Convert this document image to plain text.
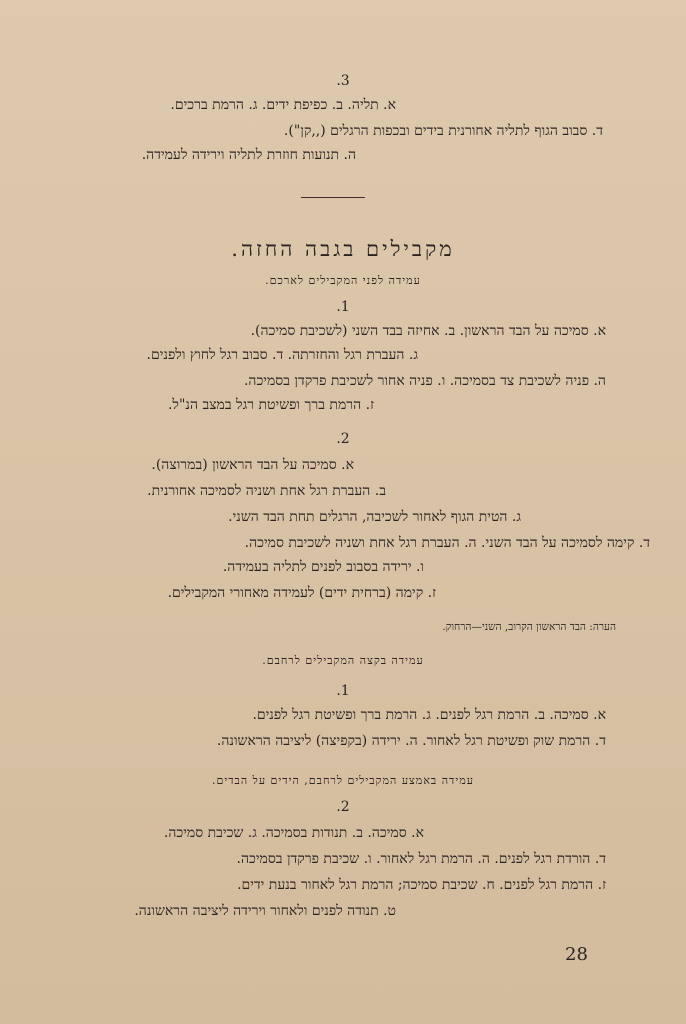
3.
א. תליה. ב. כפיפת ידים. ג. הרמת ברכים.
ד. סבוב הגוף לתליה אחורנית בידים ובכפות הרגלים (,,קן").
ה. תנועות חוזרת לתליה וירידה לעמידה.
מקבילים בגבה החזה.
עמידה לפני המקבילים לארכם.
1.
א. סמיכה על הבד הראשון. ב. אחיזה בבד השני (לשכיבת סמיכה).
ג. העברת רגל והחזרתה. ד. סבוב רגל לחוץ ולפנים.
ה. פניה לשכיבת צד בסמיכה. ו. פניה אחור לשכיבת פרקדן בסמיכה.
ז. הרמת ברך ופשיטת רגל במצב הנ"ל.
2.
א. סמיכה על הבד הראשון (במרוצה).
ב. העברת רגל אחת ושניה לסמיכה אחורנית.
ג. הטית הגוף לאחור לשכיבה, הרגלים תחת הבד השני.
ד. קימה לסמיכה על הבד השני. ה. העברת רגל אחת ושניה לשכיבת סמיכה.
ו. ירידה בסבוב לפנים לתליה בעמידה.
ז. קימה (ברחית ידים) לעמידה מאחורי המקבילים.
הערה: הבד הראשון הקרוב, השני—הרחוק.
עמידה בקצה המקבילים לרחבם.
1.
א. סמיכה. ב. הרמת רגל לפנים. ג. הרמת ברך ופשיטת רגל לפנים.
ד. הרמת שוק ופשיטת רגל לאחור. ה. ירידה (בקפיצה) ליציבה הראשונה.
עמידה באמצע המקבילים לרחבם, הידים על הבדים.
2.
א. סמיכה. ב. תנודות בסמיכה. ג. שכיבת סמיכה.
ד. הורדת רגל לפנים. ה. הרמת רגל לאחור. ו. שכיבת פרקדן בסמיכה.
ז. הרמת רגל לפנים. ח. שכיבת סמיכה; הרמת רגל לאחור בנעת ידים.
ט. תנודה לפנים ולאחור וירידה ליציבה הראשונה.
28
